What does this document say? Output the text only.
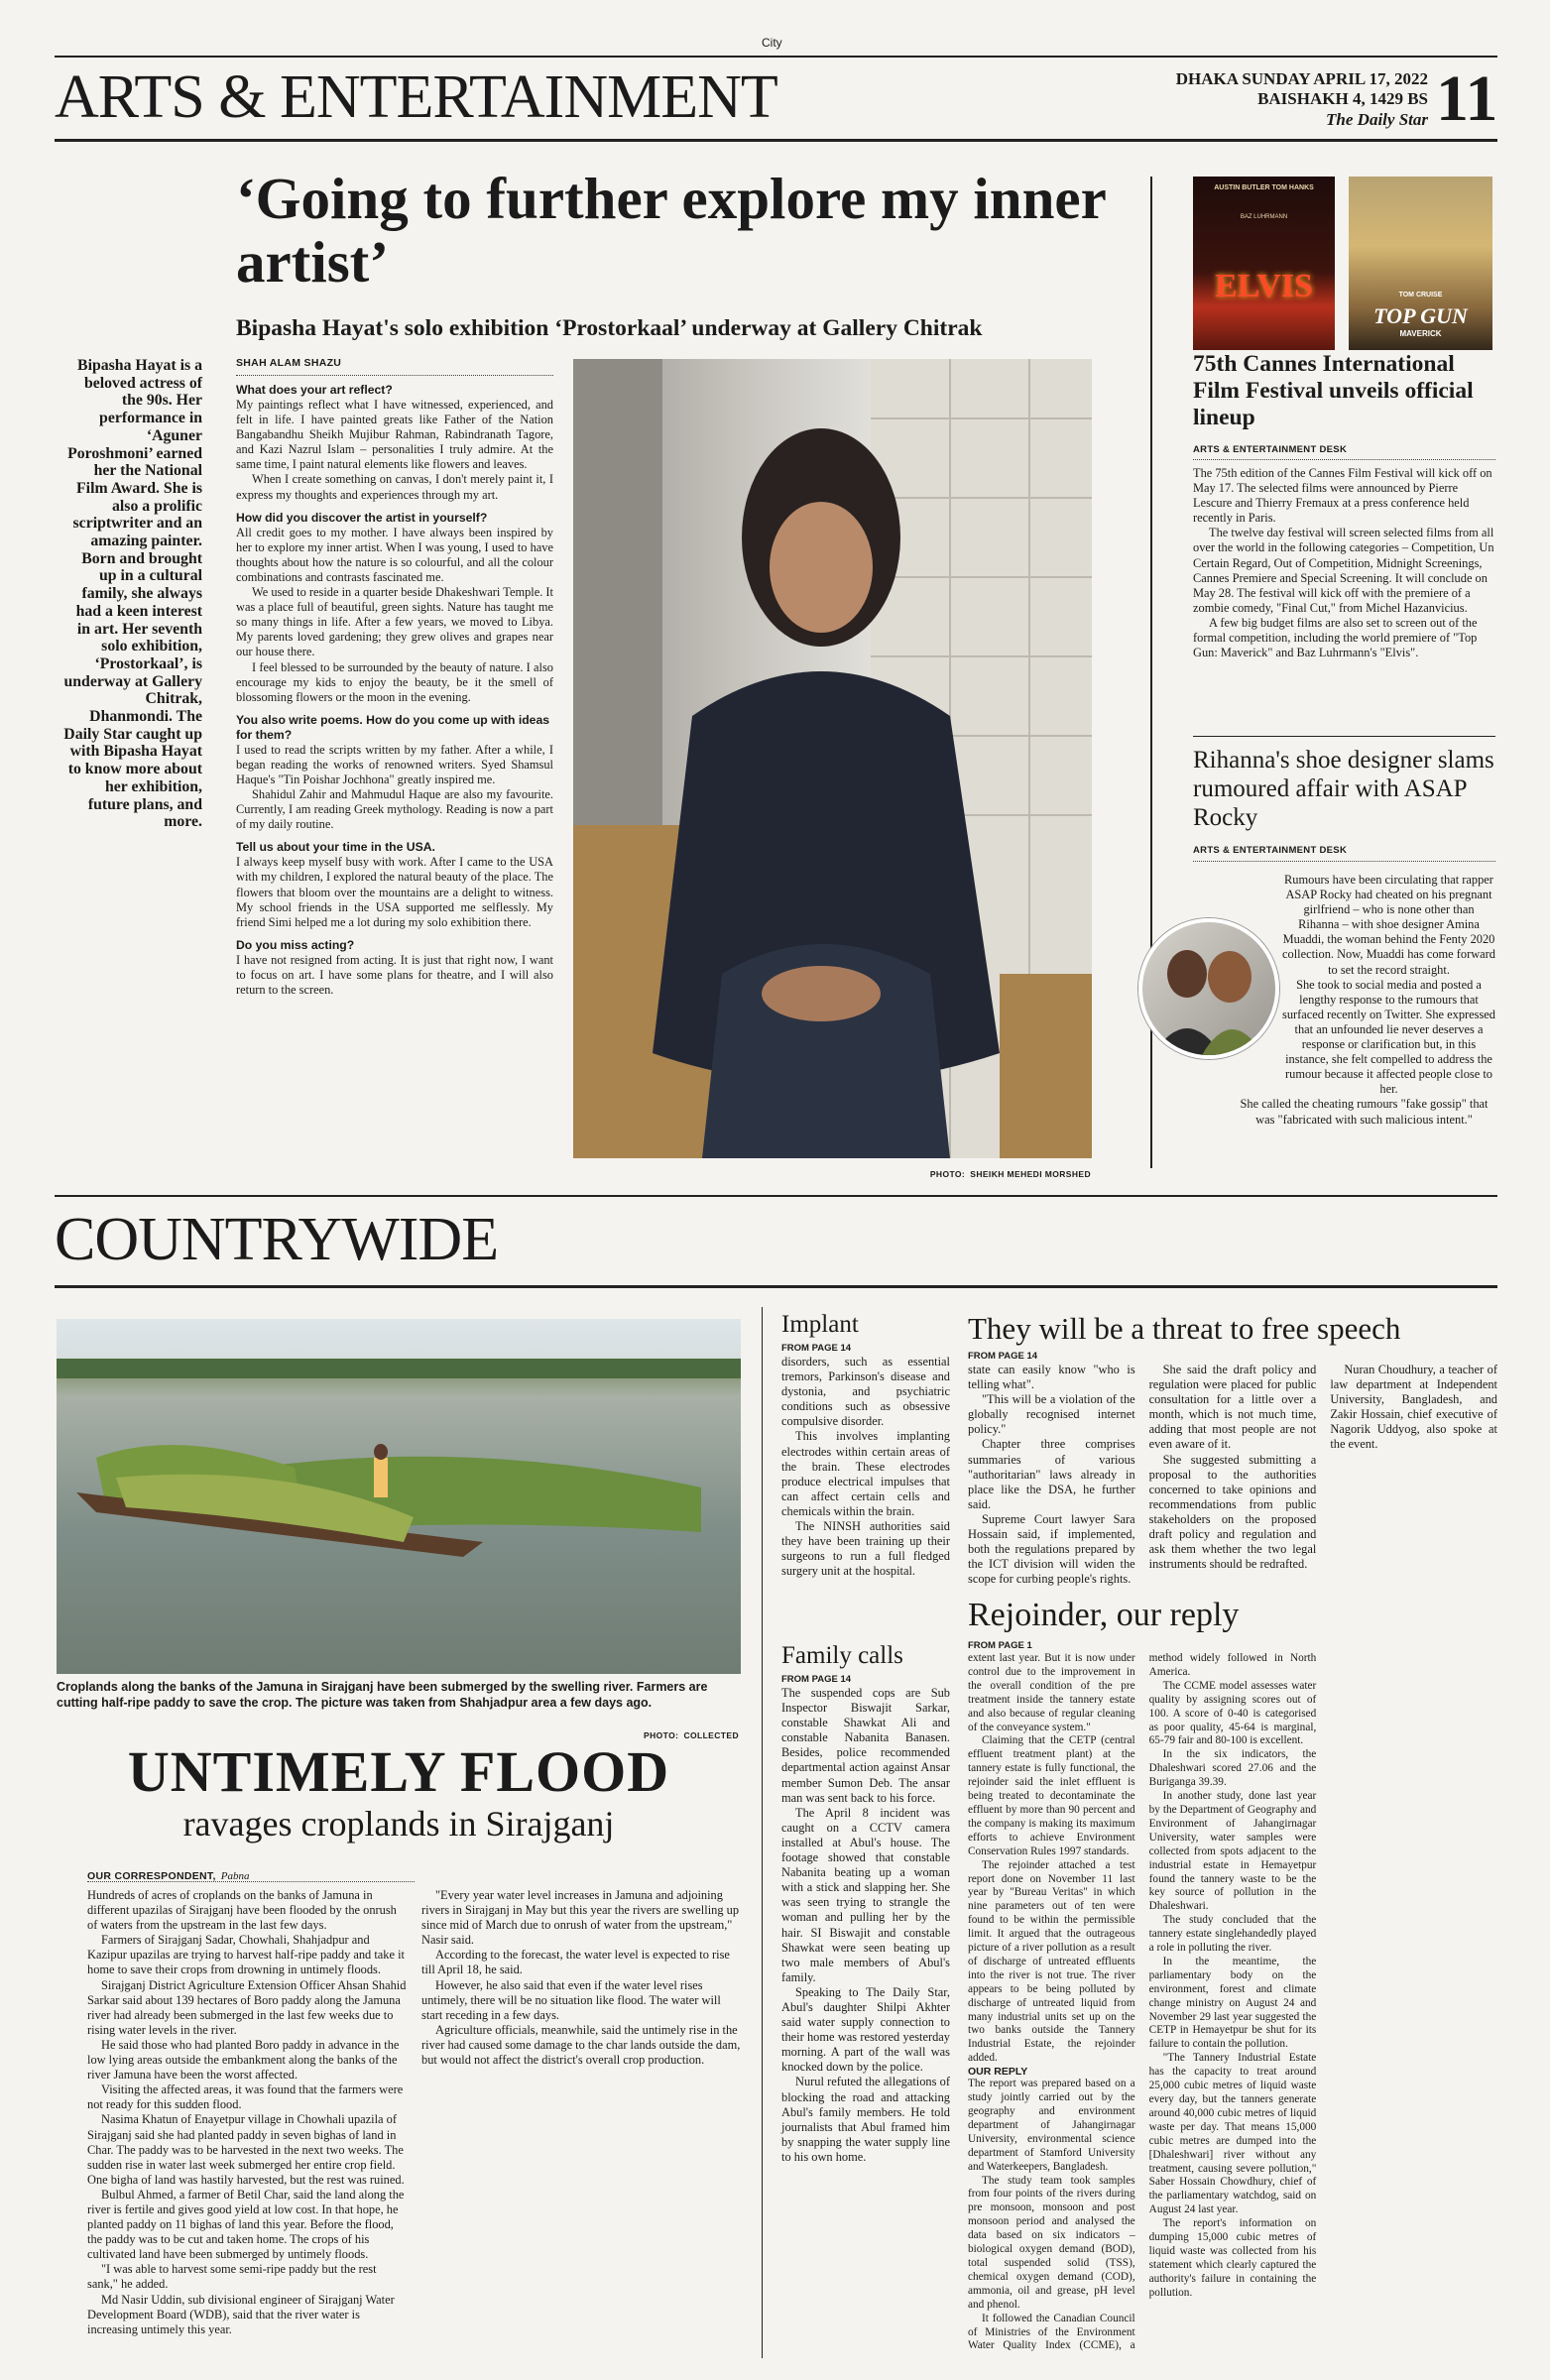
City
ARTS & ENTERTAINMENT	DHAKA SUNDAY APRIL 17, 2022
BAISHAKH 4, 1429 BS
The Daily Star 11
‘Going to further explore my inner artist’
Bipasha Hayat's solo exhibition ‘Prostorkaal’ underway at Gallery Chitrak
Bipasha Hayat is a beloved actress of the 90s. Her performance in ‘Aguner Poroshmoni’ earned her the National Film Award. She is also a prolific scriptwriter and an amazing painter. Born and brought up in a cultural family, she always had a keen interest in art. Her seventh solo exhibition, ‘Prostorkaal’, is underway at Gallery Chitrak, Dhanmondi. The Daily Star caught up with Bipasha Hayat to know more about her exhibition, future plans, and more.
SHAH ALAM SHAZU
What does your art reflect?
My paintings reflect what I have witnessed, experienced, and felt in life. I have painted greats like Father of the Nation Bangabandhu Sheikh Mujibur Rahman, Rabindranath Tagore, and Kazi Nazrul Islam – personalities I truly admire. At the same time, I paint natural elements like flowers and leaves.
When I create something on canvas, I don't merely paint it, I express my thoughts and experiences through my art.
How did you discover the artist in yourself?
All credit goes to my mother. I have always been inspired by her to explore my inner artist. When I was young, I used to have thoughts about how the nature is so colourful, and all the colour combinations and contrasts fascinated me.
We used to reside in a quarter beside Dhakeshwari Temple. It was a place full of beautiful, green sights. Nature has taught me so many things in life. After a few years, we moved to Libya. My parents loved gardening; they grew olives and grapes near our house there.
I feel blessed to be surrounded by the beauty of nature. I also encourage my kids to enjoy the beauty, be it the smell of blossoming flowers or the moon in the evening.
You also write poems. How do you come up with ideas for them?
I used to read the scripts written by my father. After a while, I began reading the works of renowned writers. Syed Shamsul Haque's "Tin Poishar Jochhona" greatly inspired me.
Shahidul Zahir and Mahmudul Haque are also my favourite. Currently, I am reading Greek mythology. Reading is now a part of my daily routine.
Tell us about your time in the USA.
I always keep myself busy with work. After I came to the USA with my children, I explored the natural beauty of the place. The flowers that bloom over the mountains are a delight to witness. My school friends in the USA supported me selflessly. My friend Simi helped me a lot during my solo exhibition there.
Do you miss acting?
I have not resigned from acting. It is just that right now, I want to focus on art. I have some plans for theatre, and I will also return to the screen.
PHOTO: SHEIKH MEHEDI MORSHED
AUSTIN BUTLER TOM HANKS
BAZ LUHRMANN
ELVIS	TOM CRUISE
TOP GUN
MAVERICK
75th Cannes International Film Festival unveils official lineup
ARTS & ENTERTAINMENT DESK
The 75th edition of the Cannes Film Festival will kick off on May 17. The selected films were announced by Pierre Lescure and Thierry Fremaux at a press conference held recently in Paris.
The twelve day festival will screen selected films from all over the world in the following categories – Competition, Un Certain Regard, Out of Competition, Midnight Screenings, Cannes Premiere and Special Screening. It will conclude on May 28. The festival will kick off with the premiere of a zombie comedy, "Final Cut," from Michel Hazanvicius.
A few big budget films are also set to screen out of the formal competition, including the world premiere of "Top Gun: Maverick" and Baz Luhrmann's "Elvis".
Rihanna's shoe designer slams rumoured affair with ASAP Rocky
ARTS & ENTERTAINMENT DESK
Rumours have been circulating that rapper ASAP Rocky had cheated on his pregnant girlfriend – who is none other than Rihanna – with shoe designer Amina Muaddi, the woman behind the Fenty 2020 collection. Now, Muaddi has come forward to set the record straight.
She took to social media and posted a lengthy response to the rumours that surfaced recently on Twitter. She expressed that an unfounded lie never deserves a response or clarification but, in this instance, she felt compelled to address the rumour because it affected people close to her.
She called the cheating rumours "fake gossip" that was "fabricated with such malicious intent."
COUNTRYWIDE
Croplands along the banks of the Jamuna in Sirajganj have been submerged by the swelling river. Farmers are cutting half-ripe paddy to save the crop. The picture was taken from Shahjadpur area a few days ago.
PHOTO: COLLECTED
UNTIMELY FLOOD
ravages croplands in Sirajganj
OUR CORRESPONDENT, Pabna

Hundreds of acres of croplands on the banks of Jamuna in different upazilas of Sirajganj have been flooded by the onrush of waters from the upstream in the last few days.

Farmers of Sirajganj Sadar, Chowhali, Shahjadpur and Kazipur upazilas are trying to harvest half-ripe paddy and take it home to save their crops from drowning in untimely floods.

Sirajganj District Agriculture Extension Officer Ahsan Shahid Sarkar said about 139 hectares of Boro paddy along the Jamuna river had already been submerged in the last few weeks due to rising water levels in the river.

He said those who had planted Boro paddy in advance in the low lying areas outside the embankment along the banks of the river Jamuna have been the worst affected.

Visiting the affected areas, it was found that the farmers were not ready for this sudden flood.

Nasima Khatun of Enayetpur village in Chowhali upazila of Sirajganj said she had planted paddy in seven bighas of land in Char. The paddy was to be harvested in the next two weeks. The sudden rise in water last week submerged her entire crop field. One bigha of land was hastily harvested, but the rest was ruined.

Bulbul Ahmed, a farmer of Betil Char, said the land along the river is fertile and gives good yield at low cost. In that hope, he planted paddy on 11 bighas of land this year. Before the flood, the paddy was to be cut and taken home. The crops of his cultivated land have been submerged by untimely floods.

"I was able to harvest some semi-ripe paddy but the rest sank," he added.

Md Nasir Uddin, sub divisional engineer of Sirajganj Water Development Board (WDB), said that the river water is increasing untimely this year.

"Every year water level increases in Jamuna and adjoining rivers in Sirajganj in May but this year the rivers are swelling up since mid of March due to onrush of water from the upstream," Nasir said.

According to the forecast, the water level is expected to rise till April 18, he said.

However, he also said that even if the water level rises untimely, there will be no situation like flood. The water will start receding in a few days.

Agriculture officials, meanwhile, said the untimely rise in the river had caused some damage to the char lands outside the dam, but would not affect the district's overall crop production.

Implant
FROM PAGE 14
disorders, such as essential tremors, Parkinson's disease and dystonia, and psychiatric conditions such as obsessive compulsive disorder.
This involves implanting electrodes within certain areas of the brain. These electrodes produce electrical impulses that can affect certain cells and chemicals within the brain.
The NINSH authorities said they have been training up their surgeons to run a full fledged surgery unit at the hospital.
Family calls
FROM PAGE 14
The suspended cops are Sub Inspector Biswajit Sarkar, constable Shawkat Ali and constable Nabanita Banasen. Besides, police recommended departmental action against Ansar member Sumon Deb. The ansar man was sent back to his force.
The April 8 incident was caught on a CCTV camera installed at Abul's house. The footage showed that constable Nabanita beating up a woman with a stick and slapping her. She was seen trying to strangle the woman and pulling her by the hair. SI Biswajit and constable Shawkat were seen beating up two male members of Abul's family.
Speaking to The Daily Star, Abul's daughter Shilpi Akhter said water supply connection to their home was restored yesterday morning. A part of the wall was knocked down by the police.
Nurul refuted the allegations of blocking the road and attacking Abul's family members. He told journalists that Abul framed him by snapping the water supply line to his own home.
They will be a threat to free speech
FROM PAGE 14

state can easily know "who is telling what".

"This will be a violation of the globally recognised internet policy."

Chapter three comprises summaries of various "authoritarian" laws already in place like the DSA, he further said.

Supreme Court lawyer Sara Hossain said, if implemented, both the regulations prepared by the ICT division will widen the scope for curbing people's rights.

She said the draft policy and regulation were placed for public consultation for a little over a month, which is not much time, adding that most people are not even aware of it.

She suggested submitting a proposal to the authorities concerned to take opinions and recommendations from public stakeholders on the proposed draft policy and regulation and ask them whether the two legal instruments should be redrafted.

Nuran Choudhury, a teacher of law department at Independent University, Bangladesh, and Zakir Hossain, chief executive of Nagorik Uddyog, also spoke at the event.

Rejoinder, our reply
FROM PAGE 1

extent last year. But it is now under control due to the improvement in the overall condition of the pre treatment inside the tannery estate and also because of regular cleaning of the conveyance system."

Claiming that the CETP (central effluent treatment plant) at the tannery estate is fully functional, the rejoinder said the inlet effluent is being treated to decontaminate the effluent by more than 90 percent and the company is making its maximum efforts to achieve Environment Conservation Rules 1997 standards.

The rejoinder attached a test report done on November 11 last year by "Bureau Veritas" in which nine parameters out of ten were found to be within the permissible limit. It argued that the outrageous picture of a river pollution as a result of discharge of untreated effluents into the river is not true. The river appears to be being polluted by discharge of untreated liquid from many industrial units set up on the two banks outside the Tannery Industrial Estate, the rejoinder added.

OUR REPLY

The report was prepared based on a study jointly carried out by the geography and environment department of Jahangirnagar University, environmental science department of Stamford University and Waterkeepers, Bangladesh.

The study team took samples from four points of the rivers during pre monsoon, monsoon and post monsoon period and analysed the data based on six indicators – biological oxygen demand (BOD), total suspended solid (TSS), chemical oxygen demand (COD), ammonia, oil and grease, pH level and phenol.

It followed the Canadian Council of Ministries of the Environment Water Quality Index (CCME), a method widely followed in North America.

The CCME model assesses water quality by assigning scores out of 100. A score of 0-40 is categorised as poor quality, 45-64 is marginal, 65-79 fair and 80-100 is excellent.

In the six indicators, the Dhaleshwari scored 27.06 and the Buriganga 39.39.

In another study, done last year by the Department of Geography and Environment of Jahangirnagar University, water samples were collected from spots adjacent to the industrial estate in Hemayetpur found the tannery waste to be the key source of pollution in the Dhaleshwari.

The study concluded that the tannery estate singlehandedly played a role in polluting the river.

In the meantime, the parliamentary body on the environment, forest and climate change ministry on August 24 and November 29 last year suggested the CETP in Hemayetpur be shut for its failure to contain the pollution.

"The Tannery Industrial Estate has the capacity to treat around 25,000 cubic metres of liquid waste every day, but the tanners generate around 40,000 cubic metres of liquid waste per day. That means 15,000 cubic metres are dumped into the [Dhaleshwari] river without any treatment, causing severe pollution," Saber Hossain Chowdhury, chief of the parliamentary watchdog, said on August 24 last year.

The report's information on dumping 15,000 cubic metres of liquid waste was collected from his statement which clearly captured the authority's failure in containing the pollution.
